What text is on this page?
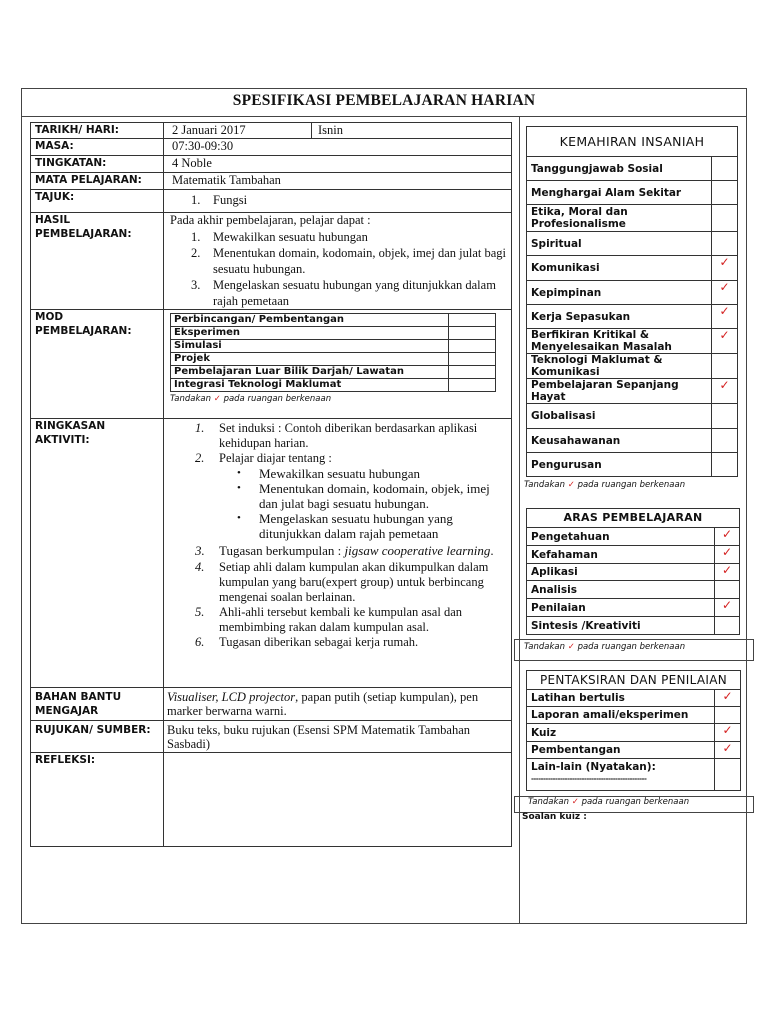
SPESIFIKASI PEMBELAJARAN HARIAN
TARIKH/ HARI:	2 Januari 2017	Isnin
MASA:	07:30-09:30
TINGKATAN:	4 Noble
MATA PELAJARAN:	Matematik Tambahan
TAJUK:	1. Fungsi

HASIL PEMBELAJARAN:	
Pada akhir pembelajaran, pelajar dapat :
1. Mewakilkan sesuatu hubungan
2. Menentukan domain, kodomain, objek, imej dan julat bagi sesuatu hubungan.
3. Mengelaskan sesuatu hubungan yang ditunjukkan dalam rajah pemetaan

MOD PEMBELAJARAN:	
Perbincangan/ Pembentangan	
Eksperimen	
Simulasi	
Projek	
Pembelajaran Luar Bilik Darjah/ Lawatan	
Integrasi Teknologi Maklumat	
Tandakan ✓ pada ruangan berkenaan

RINGKASAN AKTIVITI:	
1. Set induksi : Contoh diberikan berdasarkan aplikasi kehidupan harian.
2. Pelajar diajar tentang :
• Mewakilkan sesuatu hubungan
• Menentukan domain, kodomain, objek, imej dan julat bagi sesuatu hubungan.
• Mengelaskan sesuatu hubungan yang ditunjukkan dalam rajah pemetaan
3. Tugasan berkumpulan : jigsaw cooperative learning.
4. Setiap ahli dalam kumpulan akan dikumpulkan dalam kumpulan yang baru(expert group) untuk berbincang mengenai soalan berlainan.
5. Ahli-ahli tersebut kembali ke kumpulan asal dan membimbing rakan dalam kumpulan asal.
6. Tugasan diberikan sebagai kerja rumah.

BAHAN BANTU MENGAJAR	Visualiser, LCD projector, papan putih (setiap kumpulan), pen marker berwarna warni.
RUJUKAN/ SUMBER:	Buku teks, buku rujukan (Esensi SPM Matematik Tambahan Sasbadi)
REFLEKSI:	
KEMAHIRAN INSANIAH	
Tanggungjawab Sosial	
Menghargai Alam Sekitar	
Etika, Moral dan Profesionalisme	
Spiritual	
Komunikasi	✓
Kepimpinan	✓
Kerja Sepasukan	✓
Berfikiran Kritikal & Menyelesaikan Masalah	✓
Teknologi Maklumat & Komunikasi	
Pembelajaran Sepanjang Hayat	✓
Globalisasi	
Keusahawanan	
Pengurusan	
Tandakan ✓ pada ruangan berkenaan
ARAS PEMBELAJARAN	
Pengetahuan	✓
Kefahaman	✓
Aplikasi	✓
Analisis	
Penilaian	✓
Sintesis /Kreativiti	
Tandakan ✓ pada ruangan berkenaan
PENTAKSIRAN DAN PENILAIAN	
Latihan bertulis	✓
Laporan amali/eksperimen	
Kuiz	✓
Pembentangan	✓

Lain-lain (Nyatakan):
------------------------------------------------	

Tandakan ✓ pada ruangan berkenaan
Soalan kuiz :
